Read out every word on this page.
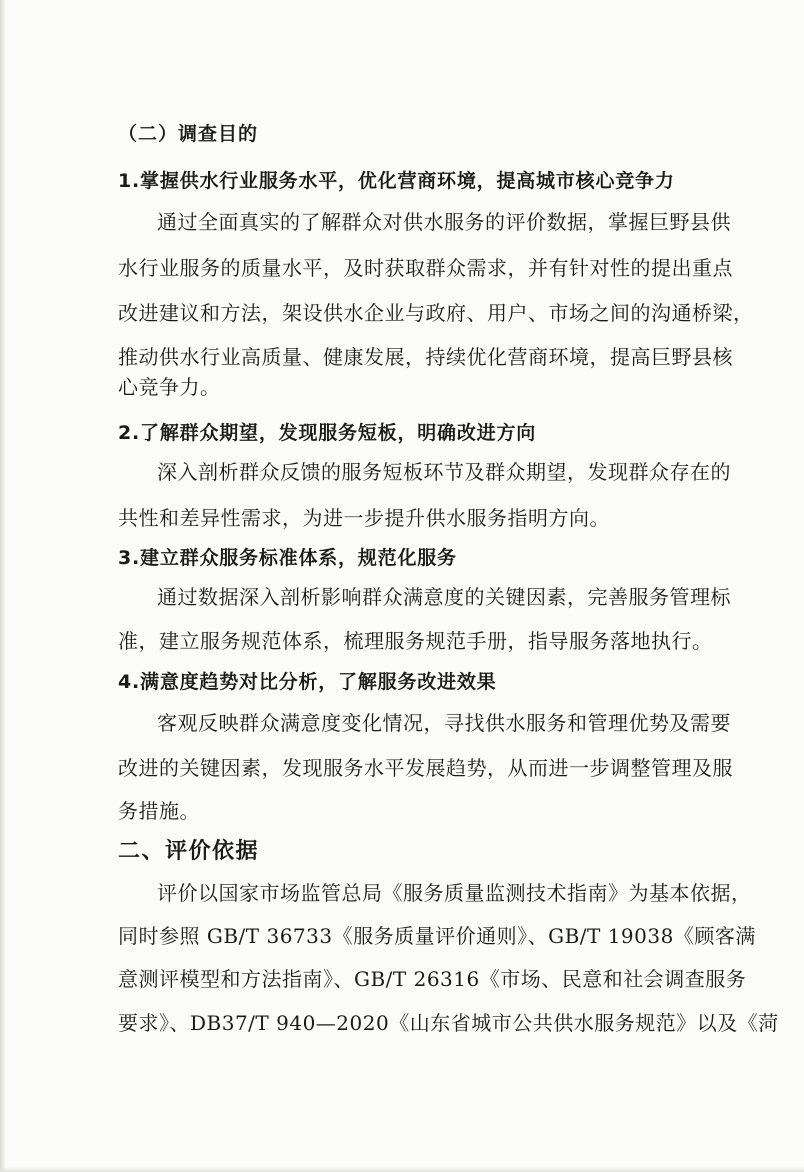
（二）调查目的
1.掌握供水行业服务水平，优化营商环境，提高城市核心竞争力
通过全面真实的了解群众对供水服务的评价数据，掌握巨野县供
水行业服务的质量水平，及时获取群众需求，并有针对性的提出重点
改进建议和方法，架设供水企业与政府、用户、市场之间的沟通桥梁，
推动供水行业高质量、健康发展，持续优化营商环境，提高巨野县核
心竞争力。
2.了解群众期望，发现服务短板，明确改进方向
深入剖析群众反馈的服务短板环节及群众期望，发现群众存在的
共性和差异性需求，为进一步提升供水服务指明方向。
3.建立群众服务标准体系，规范化服务
通过数据深入剖析影响群众满意度的关键因素，完善服务管理标
准，建立服务规范体系，梳理服务规范手册，指导服务落地执行。
4.满意度趋势对比分析，了解服务改进效果
客观反映群众满意度变化情况，寻找供水服务和管理优势及需要
改进的关键因素，发现服务水平发展趋势，从而进一步调整管理及服
务措施。
二、评价依据
评价以国家市场监管总局《服务质量监测技术指南》为基本依据，
同时参照 GB/T 36733《服务质量评价通则》、GB/T 19038《顾客满
意测评模型和方法指南》、GB/T 26316《市场、民意和社会调查服务
要求》、DB37/T 940—2020《山东省城市公共供水服务规范》以及《菏
